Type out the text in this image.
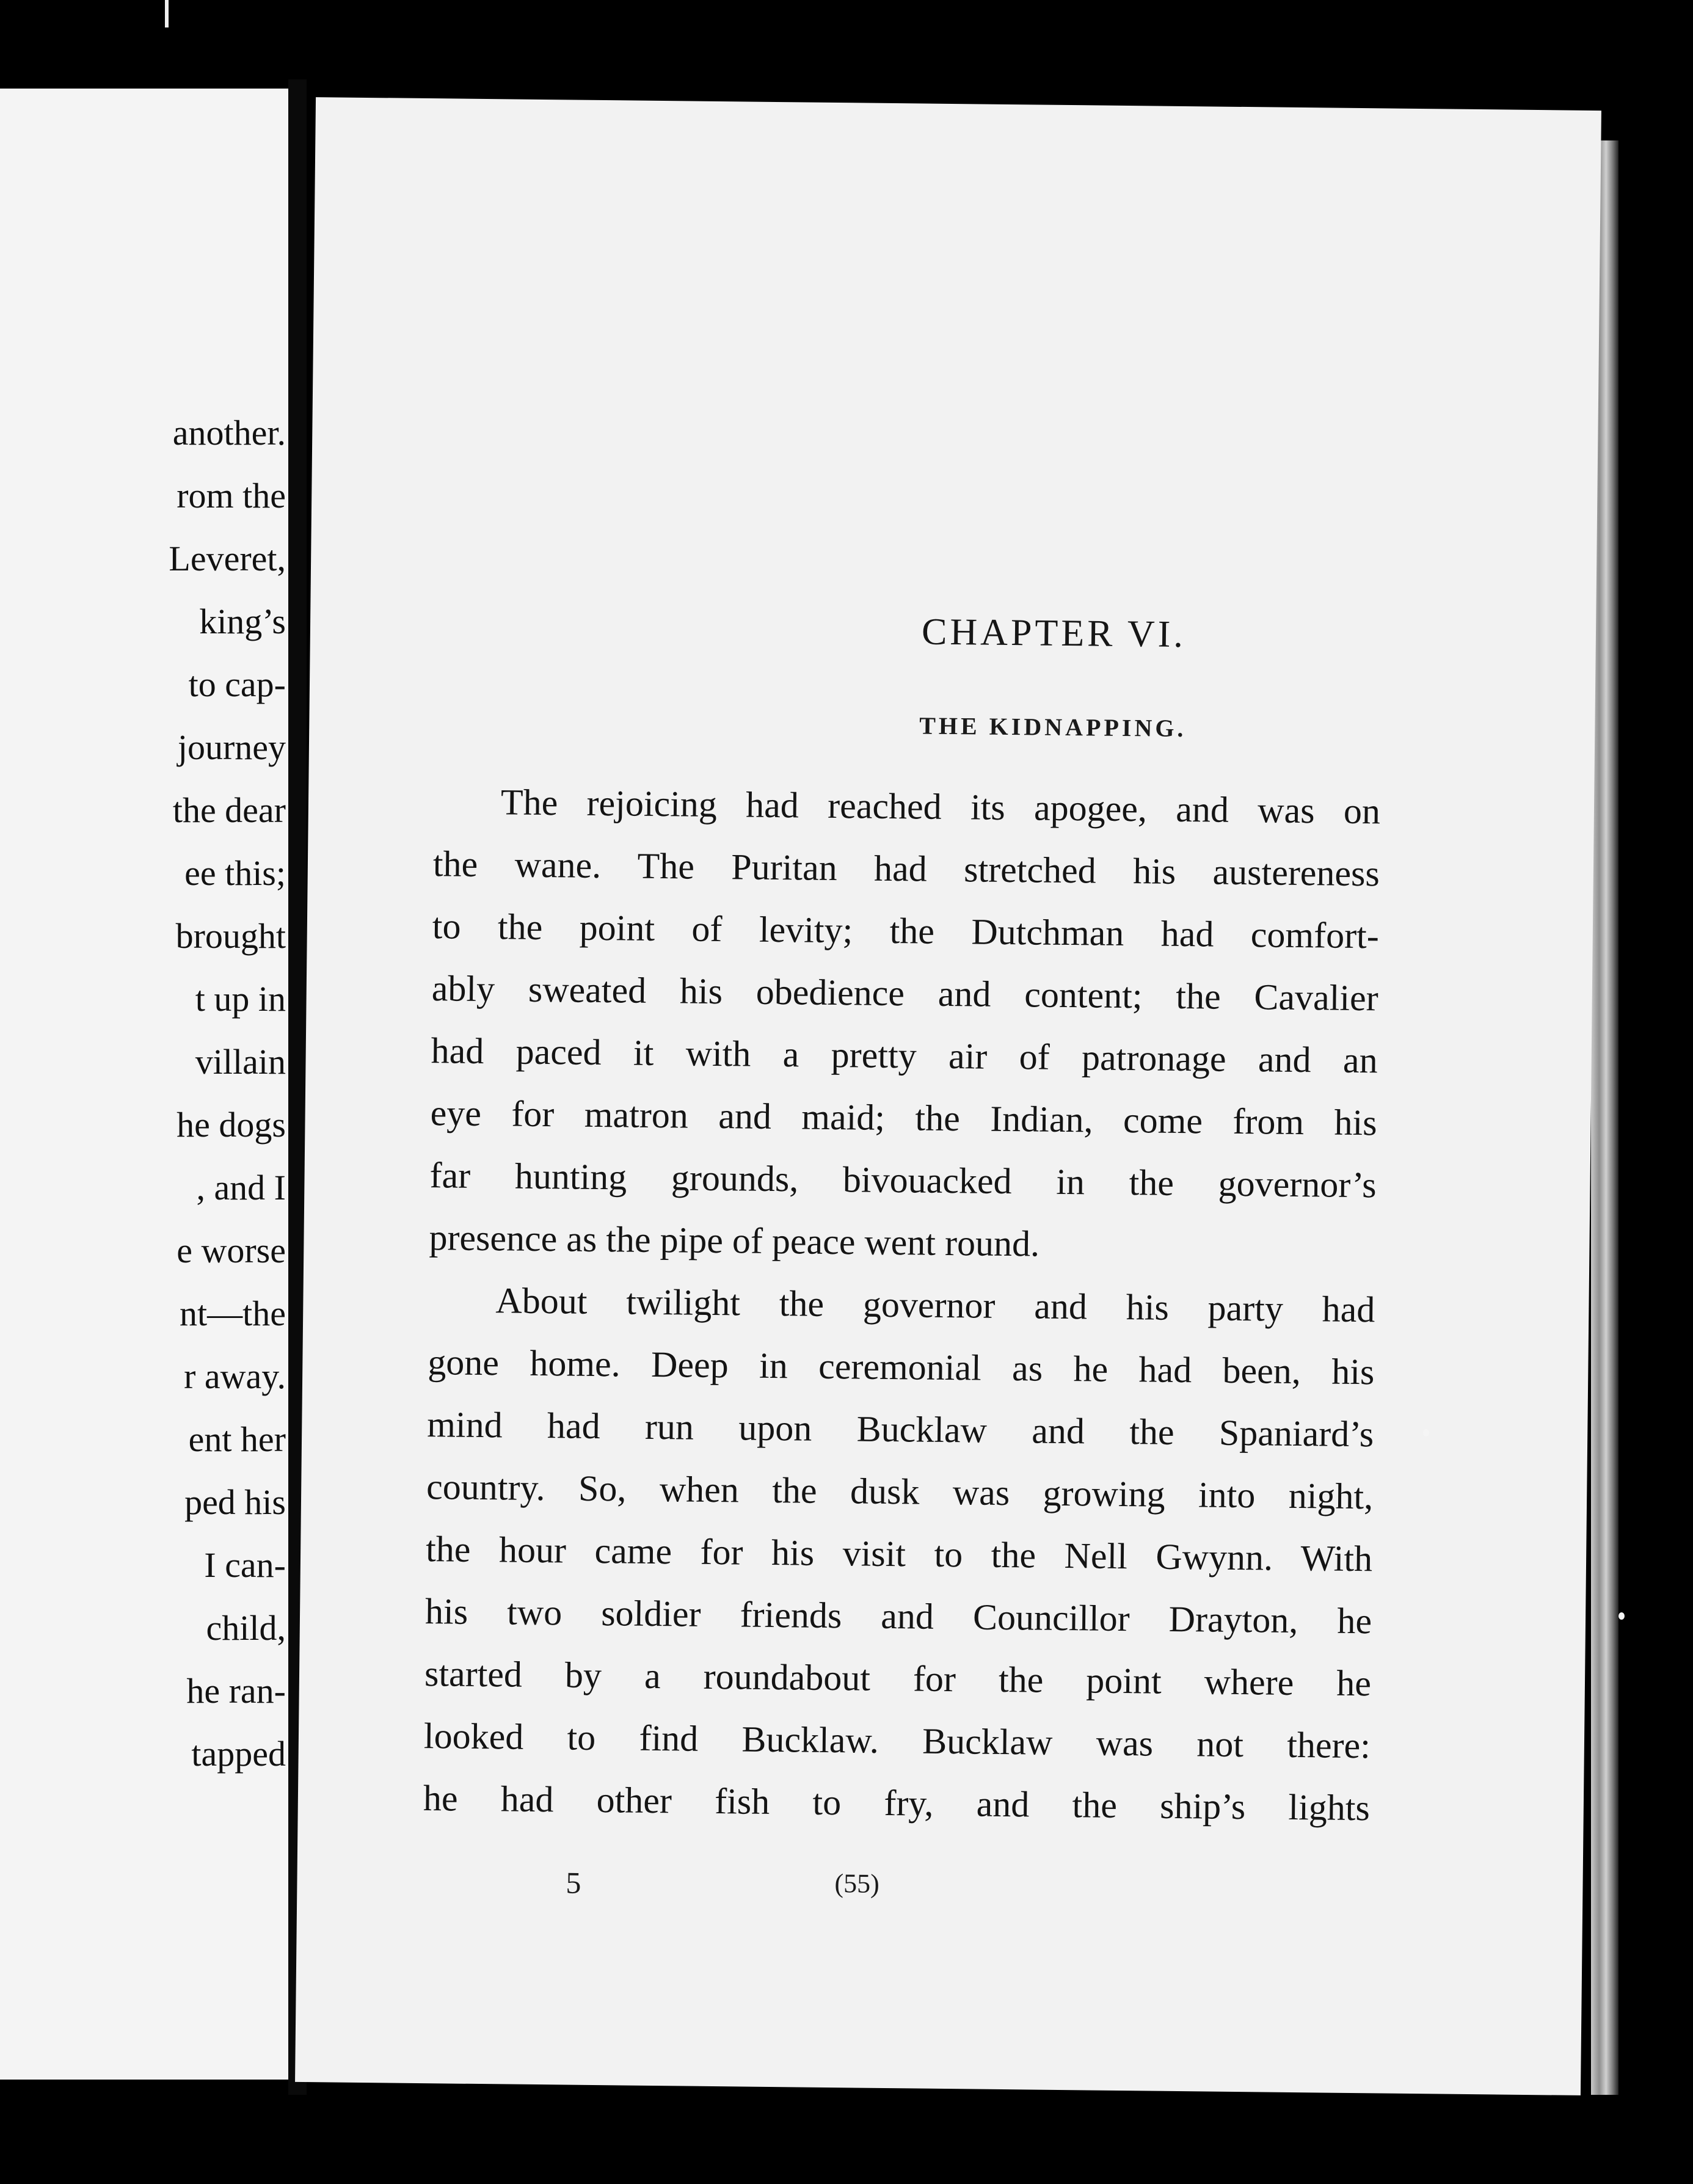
another.
rom the
Leveret,
king’s
to cap-
journey
the dear
ee this;
brought
t up in
villain
he dogs
, and I
e worse
nt—the
r away.
ent her
ped his
I can-
child,
he ran-
tapped
CHAPTER VI.
THE KIDNAPPING.
The rejoicing had reached its apogee, and was on
the wane. The Puritan had stretched his austereness
to the point of levity; the Dutchman had comfort-
ably sweated his obedience and content; the Cavalier
had paced it with a pretty air of patronage and an
eye for matron and maid; the Indian, come from his
far hunting grounds, bivouacked in the governor’s
presence as the pipe of peace went round.
About twilight the governor and his party had
gone home. Deep in ceremonial as he had been, his
mind had run upon Bucklaw and the Spaniard’s
country. So, when the dusk was growing into night,
the hour came for his visit to the Nell Gwynn. With
his two soldier friends and Councillor Drayton, he
started by a roundabout for the point where he
looked to find Bucklaw. Bucklaw was not there:
he had other fish to fry, and the ship’s lights
5	(55)
